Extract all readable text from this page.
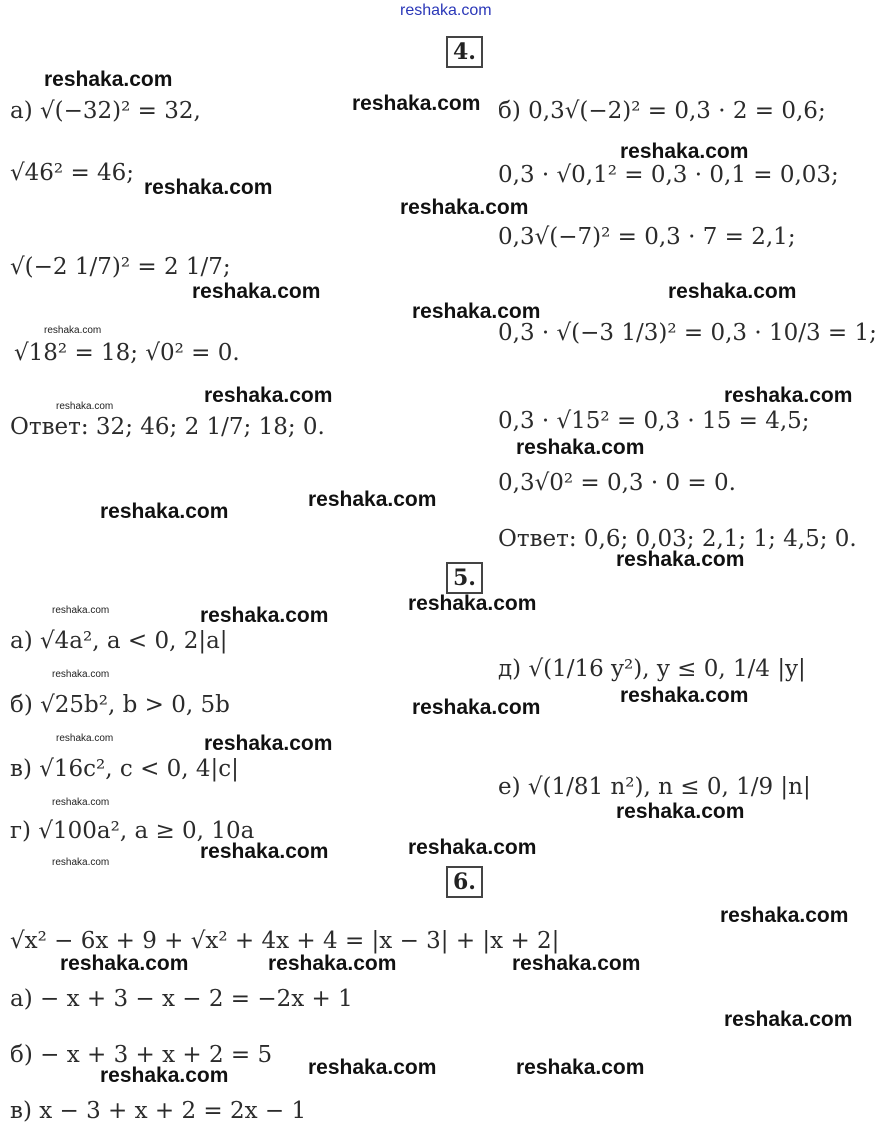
reshaka.com
4.
5.
6.
а) √(−32)² = 32,
√46² = 46;
√(−2 1/7)² = 2 1/7;
√18² = 18; √0² = 0.
Ответ: 32; 46; 2 1/7; 18; 0.
б) 0,3√(−2)² = 0,3 · 2 = 0,6;
0,3 · √0,1² = 0,3 · 0,1 = 0,03;
0,3√(−7)² = 0,3 · 7 = 2,1;
0,3 · √(−3 1/3)² = 0,3 · 10/3 = 1;
0,3 · √15² = 0,3 · 15 = 4,5;
0,3√0² = 0,3 · 0 = 0.
Ответ: 0,6; 0,03; 2,1; 1; 4,5; 0.
а) √4a², a < 0, 2|a|
б) √25b², b > 0, 5b
в) √16c², c < 0, 4|c|
г) √100a², a ≥ 0, 10a
д) √(1/16 y²), y ≤ 0, 1/4 |y|
е) √(1/81 n²), n ≤ 0, 1/9 |n|
√x² − 6x + 9 + √x² + 4x + 4 = |x − 3| + |x + 2|
а) − x + 3 − x − 2 = −2x + 1
б) − x + 3 + x + 2 = 5
в) x − 3 + x + 2 = 2x − 1
reshaka.com
reshaka.com
reshaka.com
reshaka.com
reshaka.com
reshaka.com	reshaka.com
reshaka.com
reshaka.com	reshaka.com
reshaka.com
reshaka.com
reshaka.com
reshaka.com
reshaka.com
reshaka.com
reshaka.com
reshaka.com
reshaka.com
reshaka.com
reshaka.com
reshaka.com
reshaka.com
reshaka.com	reshaka.com	reshaka.com
reshaka.com
reshaka.com	reshaka.com
reshaka.com
reshaka.com
reshaka.com
reshaka.com
reshaka.com
reshaka.com
reshaka.com
reshaka.com
